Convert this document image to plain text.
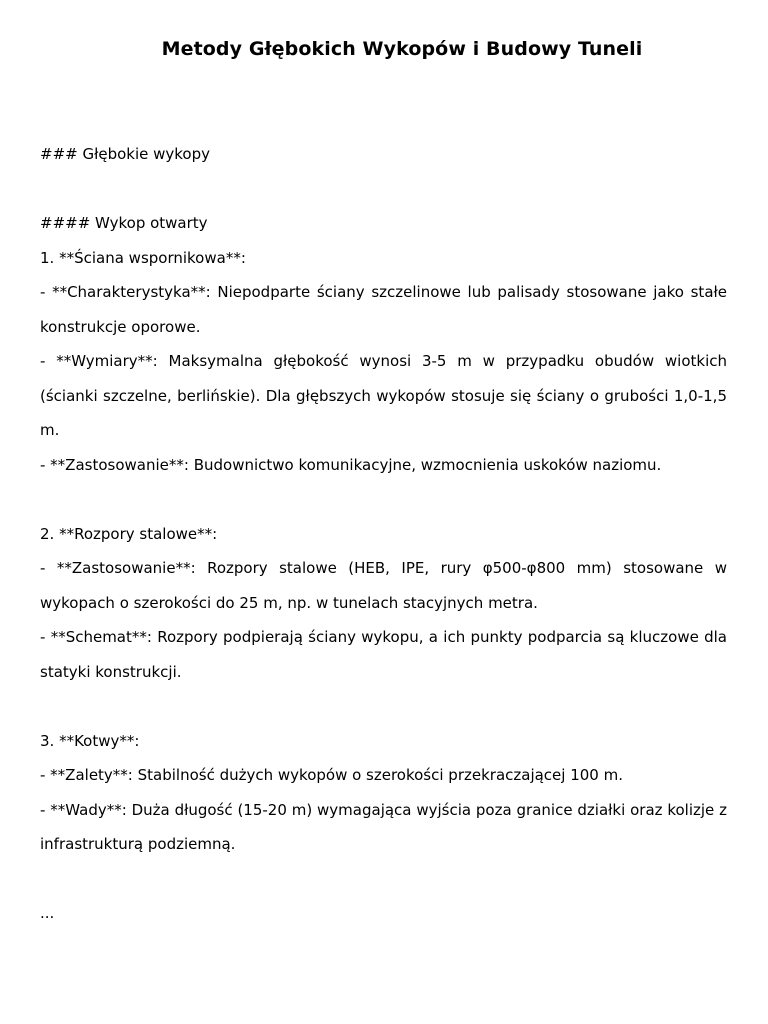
Metody Głębokich Wykopów i Budowy Tuneli
### Głębokie wykopy
#### Wykop otwarty
1. **Ściana wspornikowa**:
- **Charakterystyka**: Niepodparte ściany szczelinowe lub palisady stosowane jako stałe konstrukcje oporowe.
- **Wymiary**: Maksymalna głębokość wynosi 3-5 m w przypadku obudów wiotkich (ścianki szczelne, berlińskie). Dla głębszych wykopów stosuje się ściany o grubości 1,0-1,5 m.
- **Zastosowanie**: Budownictwo komunikacyjne, wzmocnienia uskoków naziomu.
2. **Rozpory stalowe**:
- **Zastosowanie**: Rozpory stalowe (HEB, IPE, rury φ500-φ800 mm) stosowane w wykopach o szerokości do 25 m, np. w tunelach stacyjnych metra.
- **Schemat**: Rozpory podpierają ściany wykopu, a ich punkty podparcia są kluczowe dla statyki konstrukcji.
3. **Kotwy**:
- **Zalety**: Stabilność dużych wykopów o szerokości przekraczającej 100 m.
- **Wady**: Duża długość (15-20 m) wymagająca wyjścia poza granice działki oraz kolizje z infrastrukturą podziemną.
...
